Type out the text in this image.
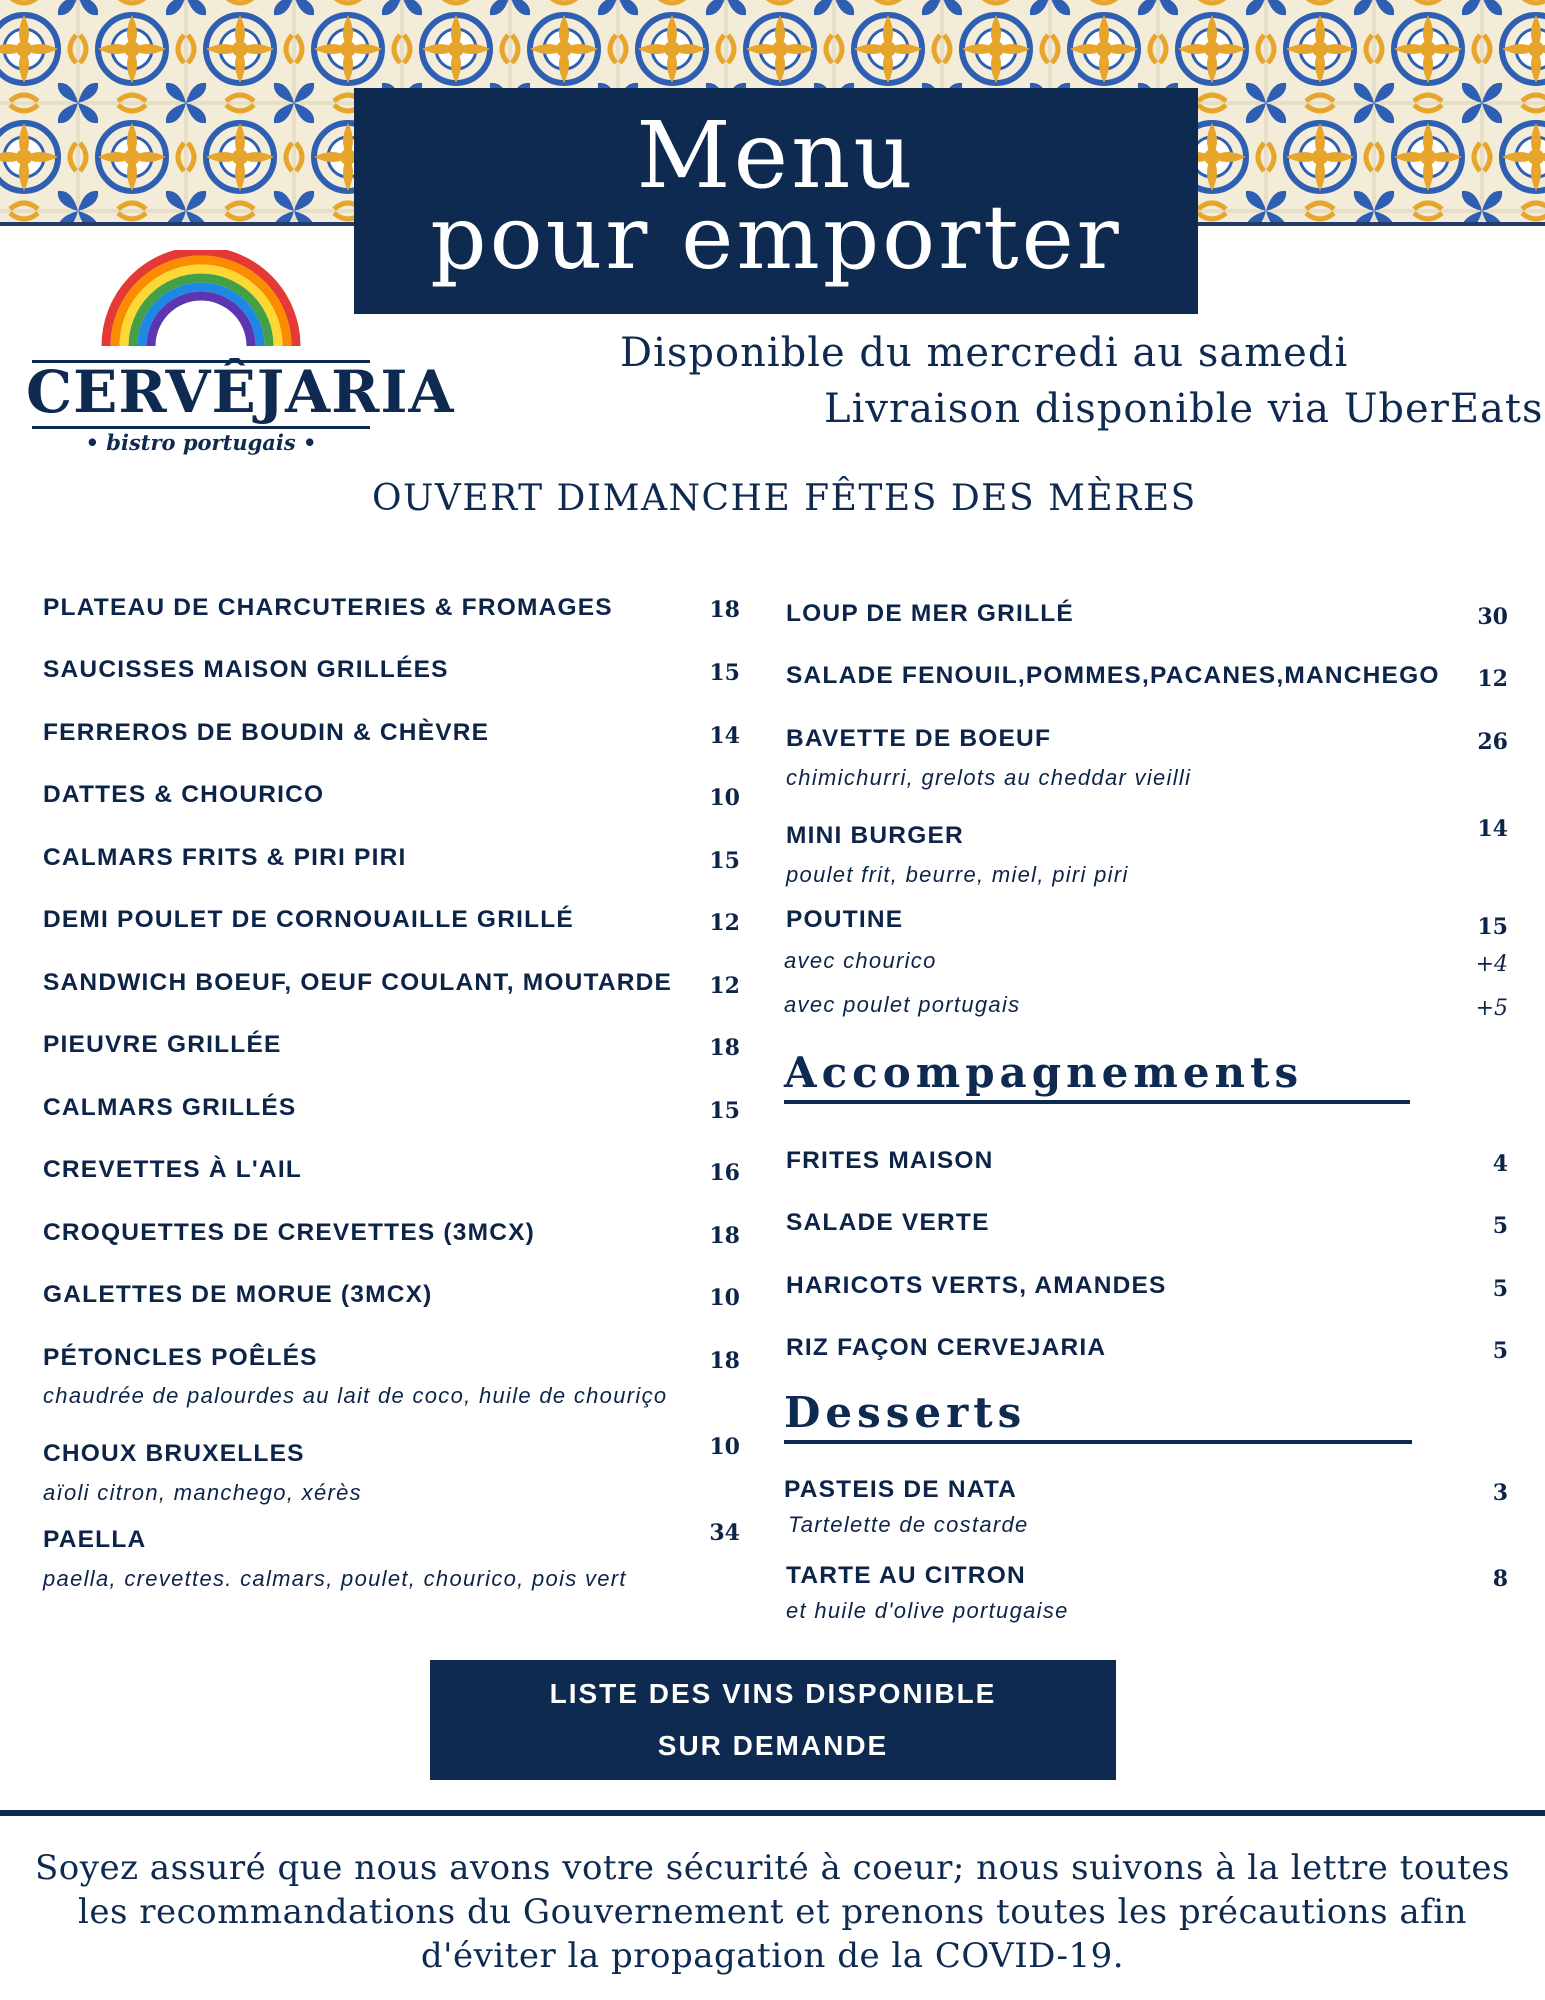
Menu
pour emporter
CERVÊJARIA
• bistro portugais •
Disponible du mercredi au samedi
Livraison disponible via UberEats
OUVERT DIMANCHE FÊTES DES MÈRES
PLATEAU DE CHARCUTERIES & FROMAGES	18
SAUCISSES MAISON GRILLÉES	15
FERREROS DE BOUDIN & CHÈVRE	14
DATTES & CHOURICO	10
CALMARS FRITS & PIRI PIRI	15
DEMI POULET DE CORNOUAILLE GRILLÉ	12
SANDWICH BOEUF, OEUF COULANT, MOUTARDE	12
PIEUVRE GRILLÉE	18
CALMARS GRILLÉS	15
CREVETTES À L'AIL	16
CROQUETTES DE CREVETTES (3MCX)	18
GALETTES DE MORUE (3MCX)	10
PÉTONCLES POÊLÉS	18
chaudrée de palourdes au lait de coco, huile de chouriço
CHOUX BRUXELLES	10
aïoli citron, manchego, xérès
PAELLA	34
paella, crevettes. calmars, poulet, chourico, pois vert
LOUP DE MER GRILLÉ	30
SALADE FENOUIL,POMMES,PACANES,MANCHEGO	12
BAVETTE DE BOEUF	26
chimichurri, grelots au cheddar vieilli
MINI BURGER	14
poulet frit, beurre, miel, piri piri
POUTINE	15
avec chourico	+4
avec poulet portugais	+5
Accompagnements
FRITES MAISON	4
SALADE VERTE	5
HARICOTS VERTS, AMANDES	5
RIZ FAÇON CERVEJARIA	5
Desserts
PASTEIS DE NATA	3
Tartelette de costarde
TARTE AU CITRON	8
et huile d'olive portugaise
LISTE DES VINS DISPONIBLE
SUR DEMANDE
Soyez assuré que nous avons votre sécurité à coeur; nous suivons à la lettre toutes
les recommandations du Gouvernement et prenons toutes les précautions afin
d'éviter la propagation de la COVID-19.
